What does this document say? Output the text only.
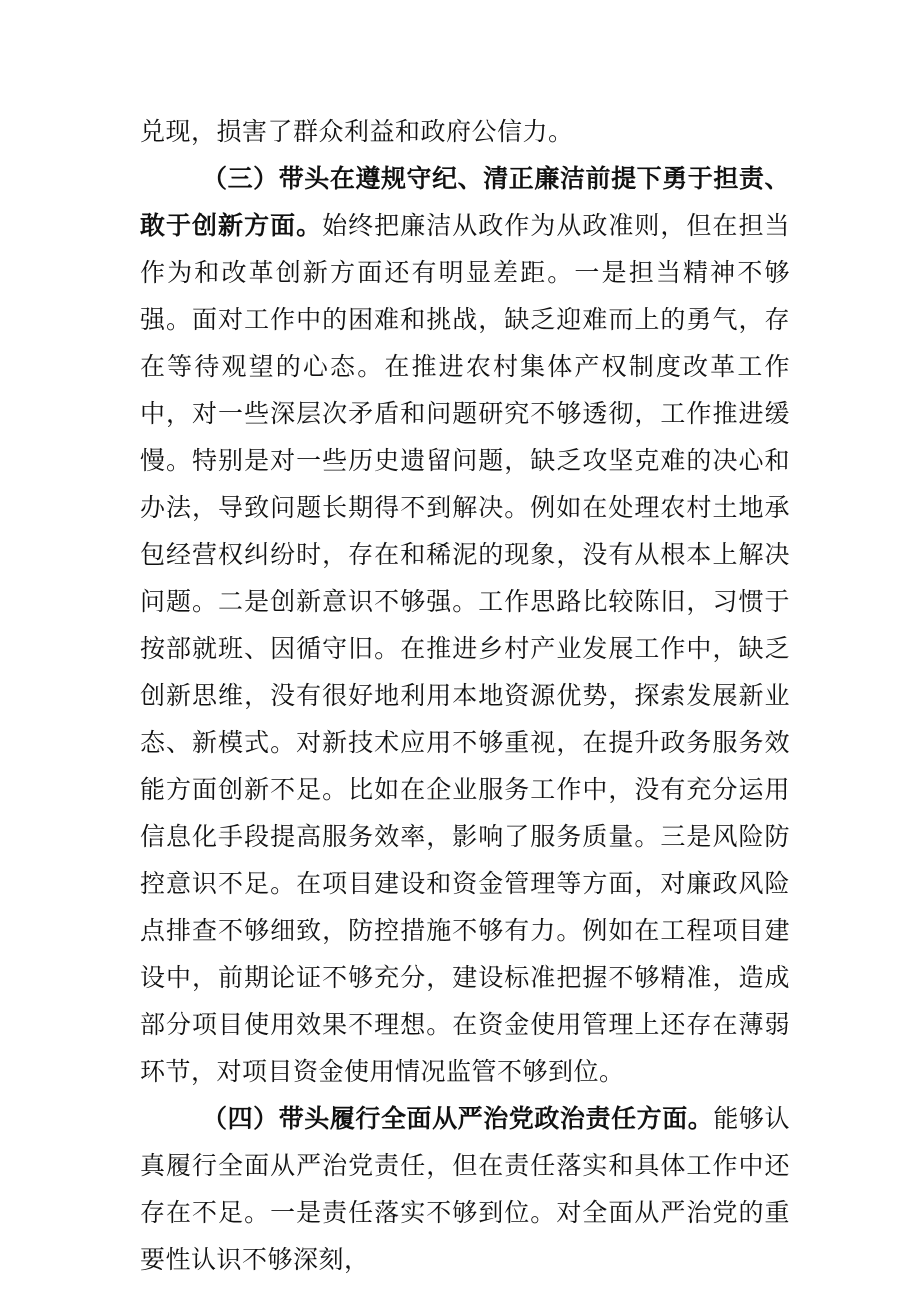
兑现，损害了群众利益和政府公信力。

（三）带头在遵规守纪、清正廉洁前提下勇于担责、敢于创新方面。始终把廉洁从政作为从政准则，但在担当作为和改革创新方面还有明显差距。一是担当精神不够强。面对工作中的困难和挑战，缺乏迎难而上的勇气，存在等待观望的心态。在推进农村集体产权制度改革工作中，对一些深层次矛盾和问题研究不够透彻，工作推进缓慢。特别是对一些历史遗留问题，缺乏攻坚克难的决心和办法，导致问题长期得不到解决。例如在处理农村土地承包经营权纠纷时，存在和稀泥的现象，没有从根本上解决问题。二是创新意识不够强。工作思路比较陈旧，习惯于按部就班、因循守旧。在推进乡村产业发展工作中，缺乏创新思维，没有很好地利用本地资源优势，探索发展新业态、新模式。对新技术应用不够重视，在提升政务服务效能方面创新不足。比如在企业服务工作中，没有充分运用信息化手段提高服务效率，影响了服务质量。三是风险防控意识不足。在项目建设和资金管理等方面，对廉政风险点排查不够细致，防控措施不够有力。例如在工程项目建设中，前期论证不够充分，建设标准把握不够精准，造成部分项目使用效果不理想。在资金使用管理上还存在薄弱环节，对项目资金使用情况监管不够到位。

（四）带头履行全面从严治党政治责任方面。能够认真履行全面从严治党责任，但在责任落实和具体工作中还存在不足。一是责任落实不够到位。对全面从严治党的重要性认识不够深刻，
